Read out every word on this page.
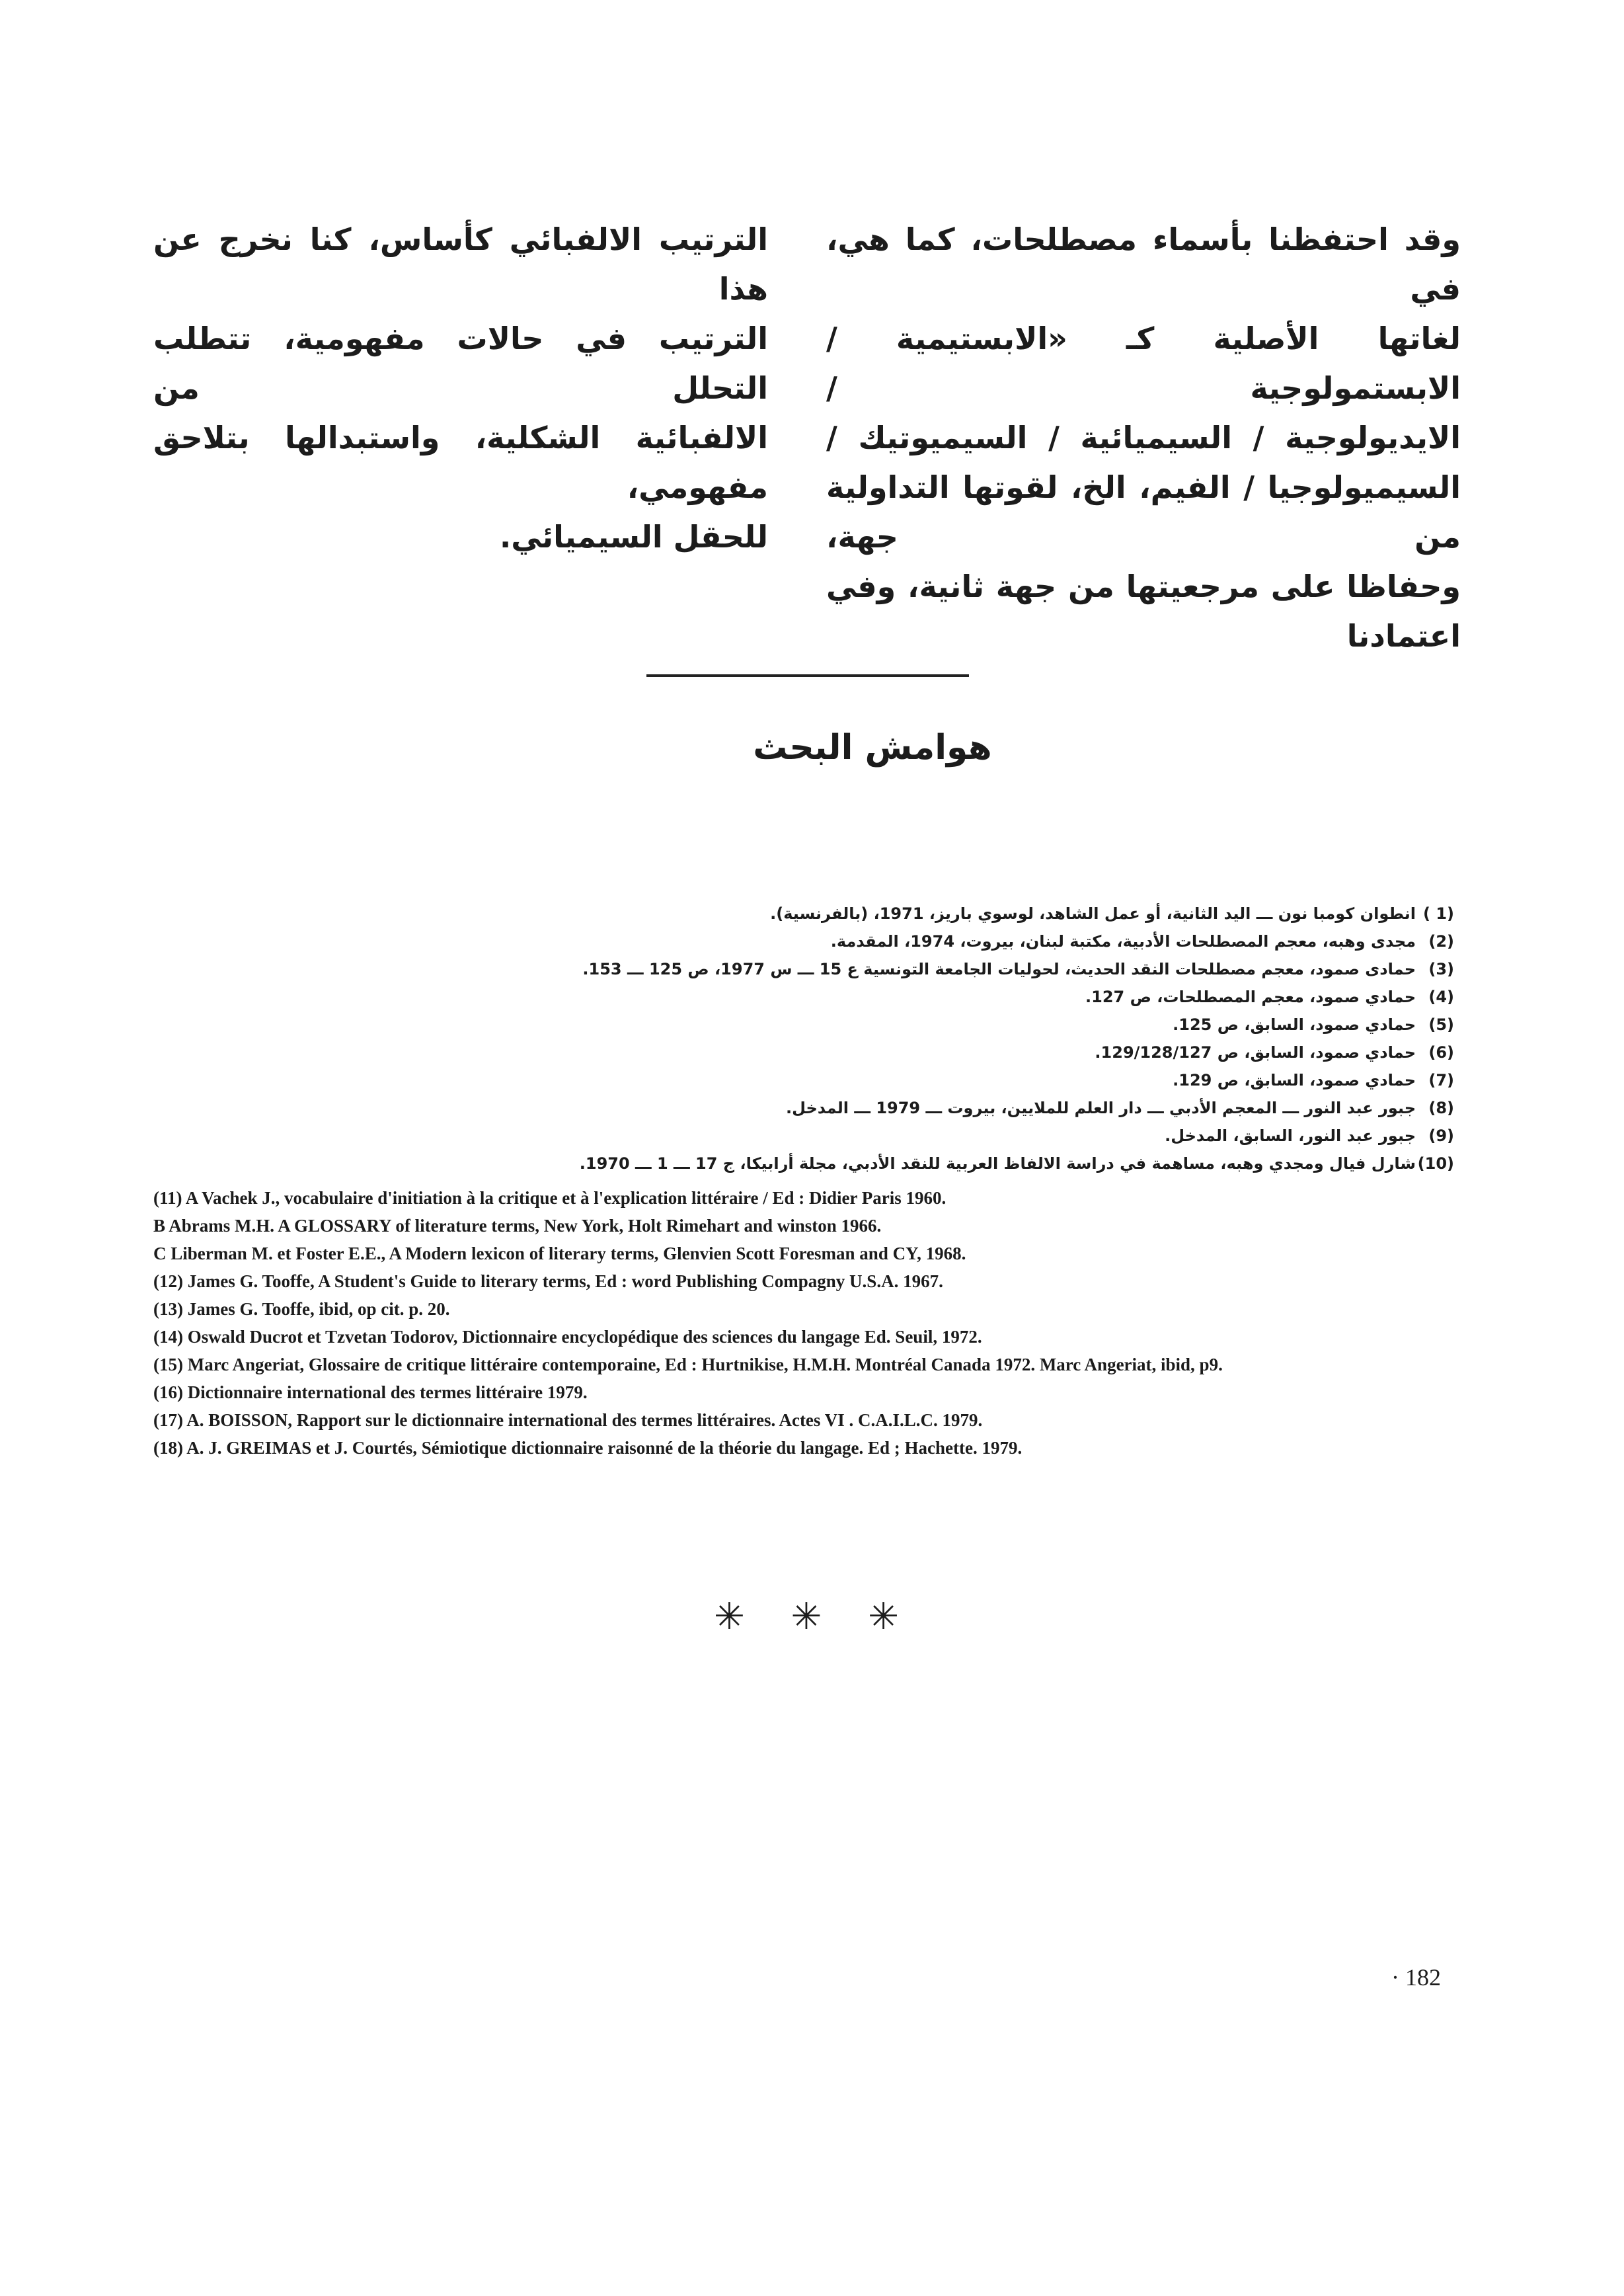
وقد احتفظنا بأسماء مصطلحات، كما هي، في
لغاتها الأصلية كـ «الابستيمية / الابستمولوجية /
الايديولوجية / السيميائية / السيميوتيك /
السيميولوجيا / الفيم، الخ، لقوتها التداولية من جهة،
وحفاظا على مرجعيتها من جهة ثانية، وفي اعتمادنا
الترتيب الالفبائي كأساس، كنا نخرج عن هذا
الترتيب في حالات مفهومية، تتطلب التحلل من
الالفبائية الشكلية، واستبدالها بتلاحق مفهومي،
للحقل السيميائي.
هوامش البحث
(1 )انطوان كومبا نون ـــ اليد الثانية، أو عمل الشاهد، لوسوي باريز، 1971، (بالفرنسية).
(2)مجدى وهبه، معجم المصطلحات الأدبية، مكتبة لبنان، بيروت، 1974، المقدمة.
(3)حمادى صمود، معجم مصطلحات النقد الحديث، لحوليات الجامعة التونسية ع 15 ـــ س 1977، ص 125 ـــ 153.
(4)حمادي صمود، معجم المصطلحات، ص 127.
(5)حمادي صمود، السابق، ص 125.
(6)حمادي صمود، السابق، ص 129/128/127.
(7)حمادي صمود، السابق، ص 129.
(8)جبور عبد النور ـــ المعجم الأدبي ـــ دار العلم للملايين، بيروت ـــ 1979 ـــ المدخل.
(9)جبور عبد النور، السابق، المدخل.
(10)شارل فيال ومجدي وهبه، مساهمة في دراسة الالفاظ العربية للنقد الأدبي، مجلة أرابيكا، ج 17 ـــ 1 ـــ 1970.
(11) A Vachek J., vocabulaire d'initiation à la critique et à l'explication littéraire / Ed : Didier Paris 1960.
B Abrams M.H. A GLOSSARY of literature terms, New York, Holt Rimehart and winston 1966.
C Liberman M. et Foster E.E., A Modern lexicon of literary terms, Glenvien Scott Foresman and CY, 1968.
(12) James G. Tooffe, A Student's Guide to literary terms, Ed : word Publishing Compagny U.S.A. 1967.
(13) James G. Tooffe, ibid, op cit. p. 20.
(14) Oswald Ducrot et Tzvetan Todorov, Dictionnaire encyclopédique des sciences du langage Ed. Seuil, 1972.
(15) Marc Angeriat, Glossaire de critique littéraire contemporaine, Ed : Hurtnikise, H.M.H. Montréal Canada 1972. Marc Angeriat, ibid, p9.
(16) Dictionnaire international des termes littéraire 1979.
(17) A. BOISSON, Rapport sur le dictionnaire international des termes littéraires. Actes VI . C.A.I.L.C. 1979.
(18) A. J. GREIMAS et J. Courtés, Sémiotique dictionnaire raisonné de la théorie du langage. Ed ; Hachette. 1979.
✳ ✳ ✳
· 182
